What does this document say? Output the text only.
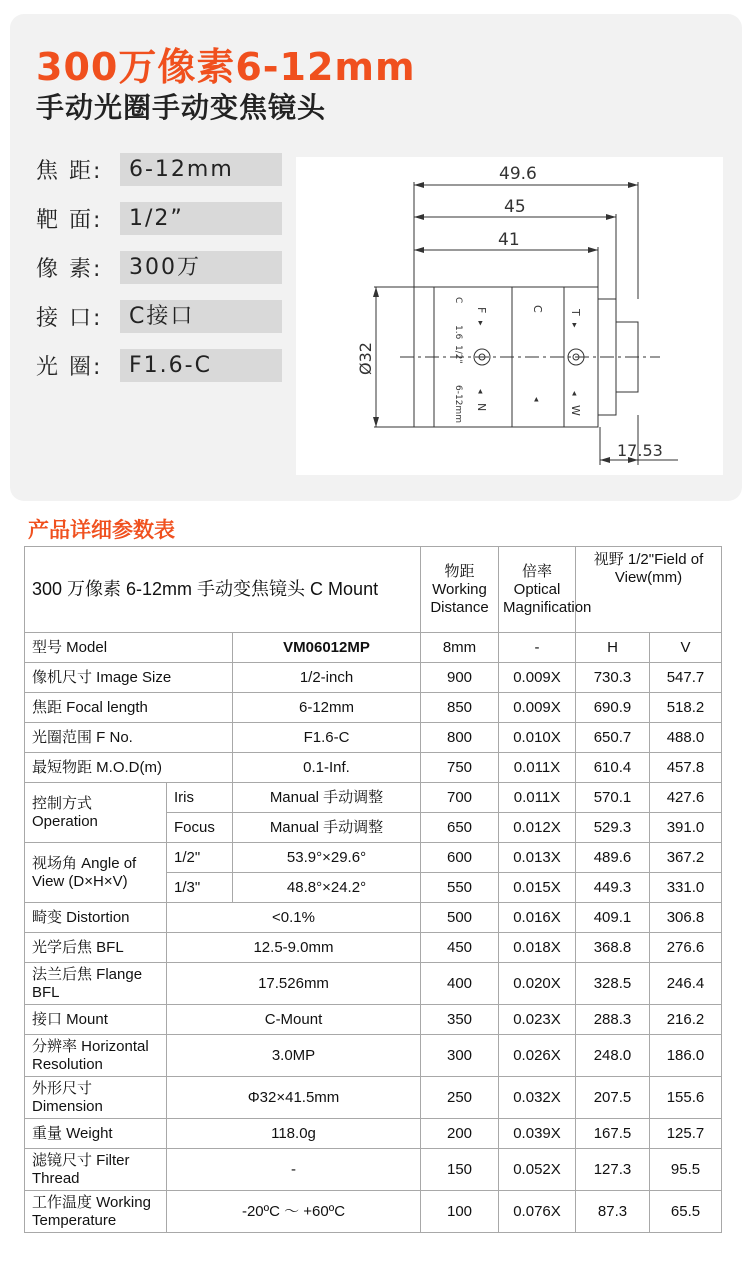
300万像素6-12mm
手动光圈手动变焦镜头
焦 距:	6-12mm
靶 面:	1/2”
像 素:	300万
接 口:	C接口
光 圈:	F1.6-C
49.6
45
41
Ø32
17.53
1.6
C
1/2"
6-12mm
F
▸
◂
N
C
◂
T
▸
◂
W
产品详细参数表
300 万像素 6-12mm 手动变焦镜头 C Mount			物距 Working Distance	倍率 Optical Magnification	视野 1/2"Field of View(mm)	
型号 Model		VM06012MP	8mm	-	H	V
像机尺寸 Image Size		1/2-inch	900	0.009X	730.3	547.7
焦距 Focal length		6-12mm	850	0.009X	690.9	518.2
光圈范围 F No.		F1.6-C	800	0.010X	650.7	488.0
最短物距 M.O.D(m)		0.1-Inf.	750	0.011X	610.4	457.8
控制方式 Operation	Iris	Manual 手动调整	700	0.011X	570.1	427.6
	Focus	Manual 手动调整	650	0.012X	529.3	391.0
视场角 Angle of View (D×H×V)	1/2"	53.9°×29.6°	600	0.013X	489.6	367.2
	1/3"	48.8°×24.2°	550	0.015X	449.3	331.0
畸变 Distortion	<0.1%		500	0.016X	409.1	306.8
光学后焦 BFL	12.5-9.0mm		450	0.018X	368.8	276.6
法兰后焦 Flange BFL	17.526mm		400	0.020X	328.5	246.4
接口 Mount	C-Mount		350	0.023X	288.3	216.2
分辨率 Horizontal Resolution	3.0MP		300	0.026X	248.0	186.0
外形尺寸 Dimension	Φ32×41.5mm		250	0.032X	207.5	155.6
重量 Weight	118.0g		200	0.039X	167.5	125.7
滤镜尺寸 Filter Thread	-		150	0.052X	127.3	95.5
工作温度 Working Temperature	-20ºC ～ +60ºC		100	0.076X	87.3	65.5
